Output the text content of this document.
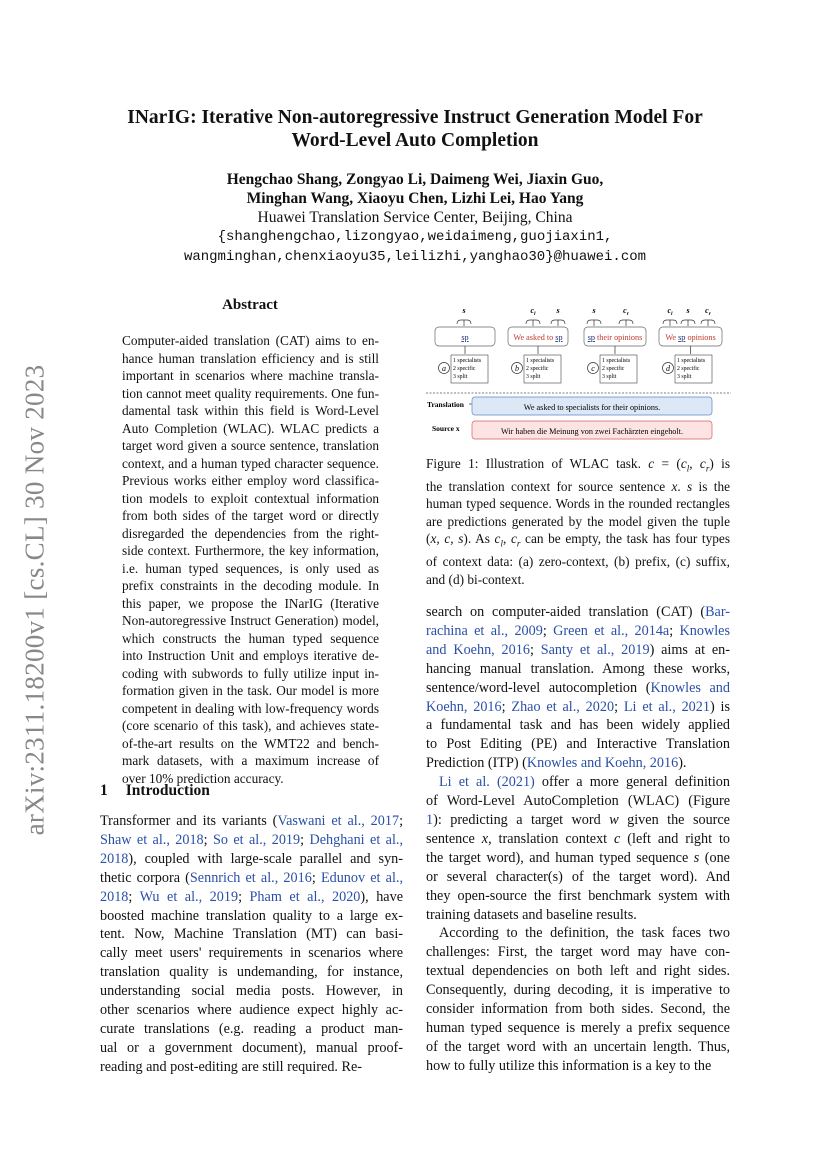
arXiv:2311.18200v1 [cs.CL] 30 Nov 2023
INarIG: Iterative Non-autoregressive Instruct Generation Model For
Word-Level Auto Completion
Hengchao Shang, Zongyao Li, Daimeng Wei, Jiaxin Guo,
Minghan Wang, Xiaoyu Chen, Lizhi Lei, Hao Yang
Huawei Translation Service Center, Beijing, China
{shanghengchao,lizongyao,weidaimeng,guojiaxin1,
wangminghan,chenxiaoyu35,leilizhi,yanghao30}@huawei.com
Abstract
Computer-aided translation (CAT) aims to en-
hance human translation efficiency and is still
important in scenarios where machine transla-
tion cannot meet quality requirements. One fun-
damental task within this field is Word-Level
Auto Completion (WLAC). WLAC predicts a
target word given a source sentence, translation
context, and a human typed character sequence.
Previous works either employ word classifica-
tion models to exploit contextual information
from both sides of the target word or directly
disregarded the dependencies from the right-
side context. Furthermore, the key information,
i.e. human typed sequences, is only used as
prefix constraints in the decoding module. In
this paper, we propose the INarIG (Iterative
Non-autoregressive Instruct Generation) model,
which constructs the human typed sequence
into Instruction Unit and employs iterative de-
coding with subwords to fully utilize input in-
formation given in the task. Our model is more
competent in dealing with low-frequency words
(core scenario of this task), and achieves state-
of-the-art results on the WMT22 and bench-
mark datasets, with a maximum increase of
over 10% prediction accuracy.
1 Introduction
Transformer and its variants (Vaswani et al., 2017;
Shaw et al., 2018; So et al., 2019; Dehghani et al.,
2018), coupled with large-scale parallel and syn-
thetic corpora (Sennrich et al., 2016; Edunov et al.,
2018; Wu et al., 2019; Pham et al., 2020), have
boosted machine translation quality to a large ex-
tent. Now, Machine Translation (MT) can basi-
cally meet users' requirements in scenarios where
translation quality is undemanding, for instance,
understanding social media posts. However, in
other scenarios where audience expect highly ac-
curate translations (e.g. reading a product man-
ual or a government document), manual proof-
reading and post-editing are still required. Re-
search on computer-aided translation (CAT) (Bar-
rachina et al., 2009; Green et al., 2014a; Knowles
and Koehn, 2016; Santy et al., 2019) aims at en-
hancing manual translation. Among these works,
sentence/word-level autocompletion (Knowles and
Koehn, 2016; Zhao et al., 2020; Li et al., 2021) is
a fundamental task and has been widely applied
to Post Editing (PE) and Interactive Translation
Prediction (ITP) (Knowles and Koehn, 2016).
Li et al. (2021) offer a more general definition
of Word-Level AutoCompletion (WLAC) (Figure
1): predicting a target word w given the source
sentence x, translation context c (left and right to
the target word), and human typed sequence s (one
or several character(s) of the target word). And
they open-source the first benchmark system with
training datasets and baseline results.
According to the definition, the task faces two
challenges: First, the target word may have con-
textual dependencies on both left and right sides.
Consequently, during decoding, it is imperative to
consider information from both sides. Second, the
human typed sequence is merely a prefix sequence
of the target word with an uncertain length. Thus,
how to fully utilize this information is a key to the
Figure 1: Illustration of WLAC task. $c = (c_l$, $c_r$) is
the translation context for source sentence x. s is the
human typed sequence. Words in the rounded rectangles
are predictions generated by the model given the tuple
(x, c, s). As $c_l$, $c_r$ can be empty, the task has four types
of context data: (a) zero-context, (b) prefix, (c) suffix,
and (d) bi-context.
s
sp
a
1 specialists
2 specific
3 split
$c_l$	s
We asked to sp
b
1 specialists
2 specific
3 split
s	$c_r$
sp their opinions
c
1 specialists
2 specific
3 split
$c_l$ s $c_r$
We sp opinions
d
1 specialists
2 specific
3 split
Translation	We asked to specialists for their opinions.
Source x	Wir haben die Meinung von zwei Fachärzten eingeholt.
